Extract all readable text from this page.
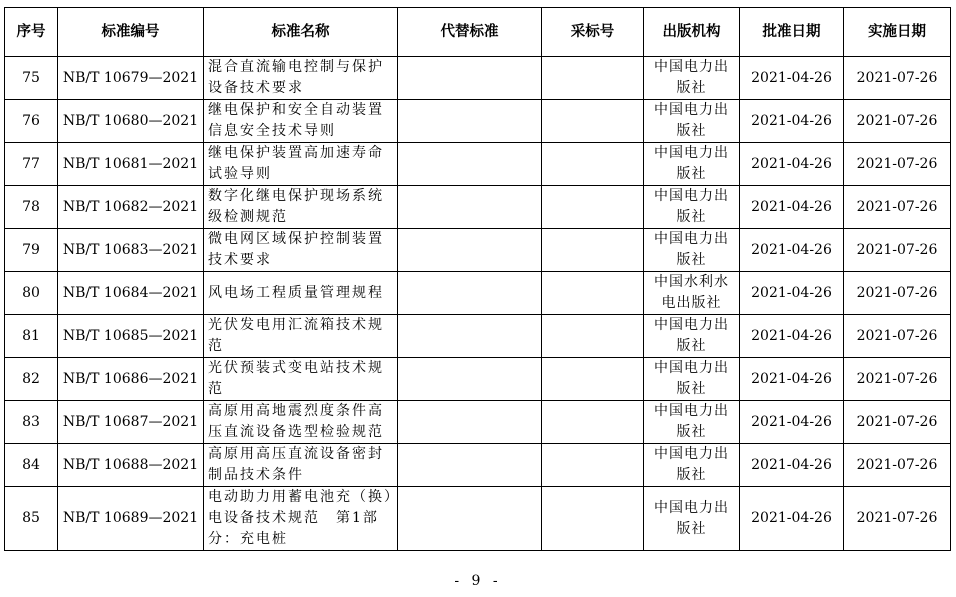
序号	标准编号	标准名称	代替标准	采标号	出版机构	批准日期	实施日期
75	NB/T 10679—2021	混合直流输电控制与保护设备技术要求			中国电力出版社	2021-04-26	2021-07-26
76	NB/T 10680—2021	继电保护和安全自动装置信息安全技术导则			中国电力出版社	2021-04-26	2021-07-26
77	NB/T 10681—2021	继电保护装置高加速寿命试验导则			中国电力出版社	2021-04-26	2021-07-26
78	NB/T 10682—2021	数字化继电保护现场系统级检测规范			中国电力出版社	2021-04-26	2021-07-26
79	NB/T 10683—2021	微电网区域保护控制装置技术要求			中国电力出版社	2021-04-26	2021-07-26
80	NB/T 10684—2021	风电场工程质量管理规程			中国水利水电出版社	2021-04-26	2021-07-26
81	NB/T 10685—2021	光伏发电用汇流箱技术规范			中国电力出版社	2021-04-26	2021-07-26
82	NB/T 10686—2021	光伏预装式变电站技术规范			中国电力出版社	2021-04-26	2021-07-26
83	NB/T 10687—2021	高原用高地震烈度条件高压直流设备选型检验规范			中国电力出版社	2021-04-26	2021-07-26
84	NB/T 10688—2021	高原用高压直流设备密封制品技术条件			中国电力出版社	2021-04-26	2021-07-26
85	NB/T 10689—2021	电动助力用蓄电池充（换）电设备技术规范　第1部分：充电桩			中国电力出版社	2021-04-26	2021-07-26
- 9 -
